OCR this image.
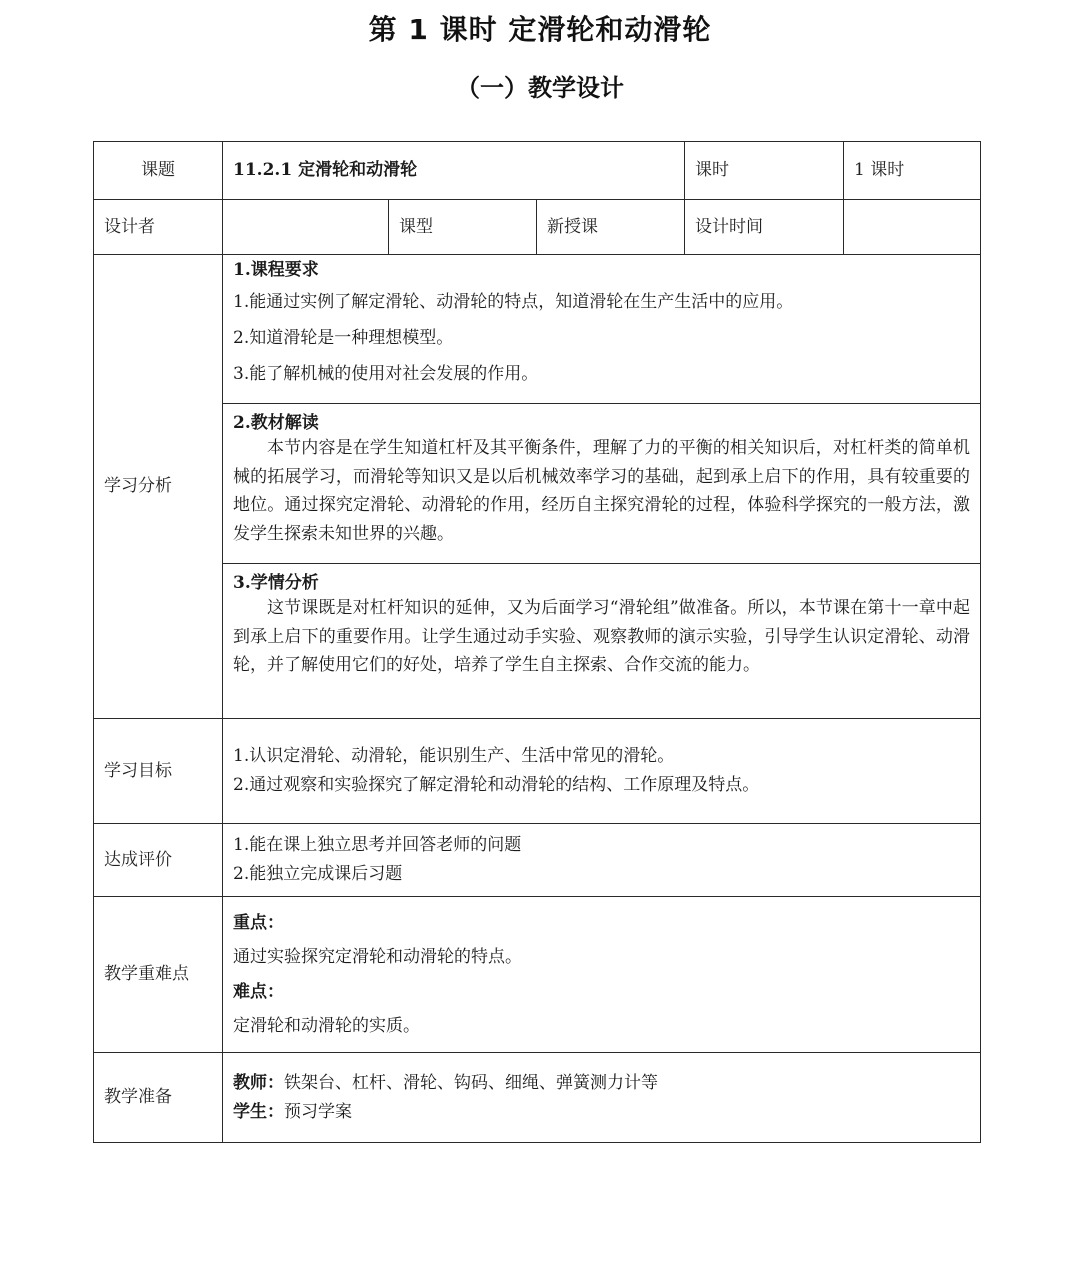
第 1 课时 定滑轮和动滑轮
（一）教学设计
课题	11.2.1 定滑轮和动滑轮			课时	1 课时
设计者		课型	新授课	设计时间	
学习分析	1.课程要求

1.能通过实例了解定滑轮、动滑轮的特点，知道滑轮在生产生活中的应用。

2.知道滑轮是一种理想模型。

3.能了解机械的使用对社会发展的作用。				

	2.教材解读

本节内容是在学生知道杠杆及其平衡条件，理解了力的平衡的相关知识后，对杠杆类的简单机械的拓展学习，而滑轮等知识又是以后机械效率学习的基础，起到承上启下的作用，具有较重要的地位。通过探究定滑轮、动滑轮的作用，经历自主探究滑轮的过程，体验科学探究的一般方法，激发学生探索未知世界的兴趣。				

	3.学情分析

这节课既是对杠杆知识的延伸，又为后面学习“滑轮组”做准备。所以，本节课在第十一章中起到承上启下的重要作用。让学生通过动手实验、观察教师的演示实验，引导学生认识定滑轮、动滑轮，并了解使用它们的好处，培养了学生自主探索、合作交流的能力。				

学习目标	1.认识定滑轮、动滑轮，能识别生产、生活中常见的滑轮。

2.通过观察和实验探究了解定滑轮和动滑轮的结构、工作原理及特点。				

达成评价	1.能在课上独立思考并回答老师的问题

2.能独立完成课后习题				

教学重难点	重点：

通过实验探究定滑轮和动滑轮的特点。

难点：

定滑轮和动滑轮的实质。				

教学准备	教师：铁架台、杠杆、滑轮、钩码、细绳、弹簧测力计等

学生：预习学案				
